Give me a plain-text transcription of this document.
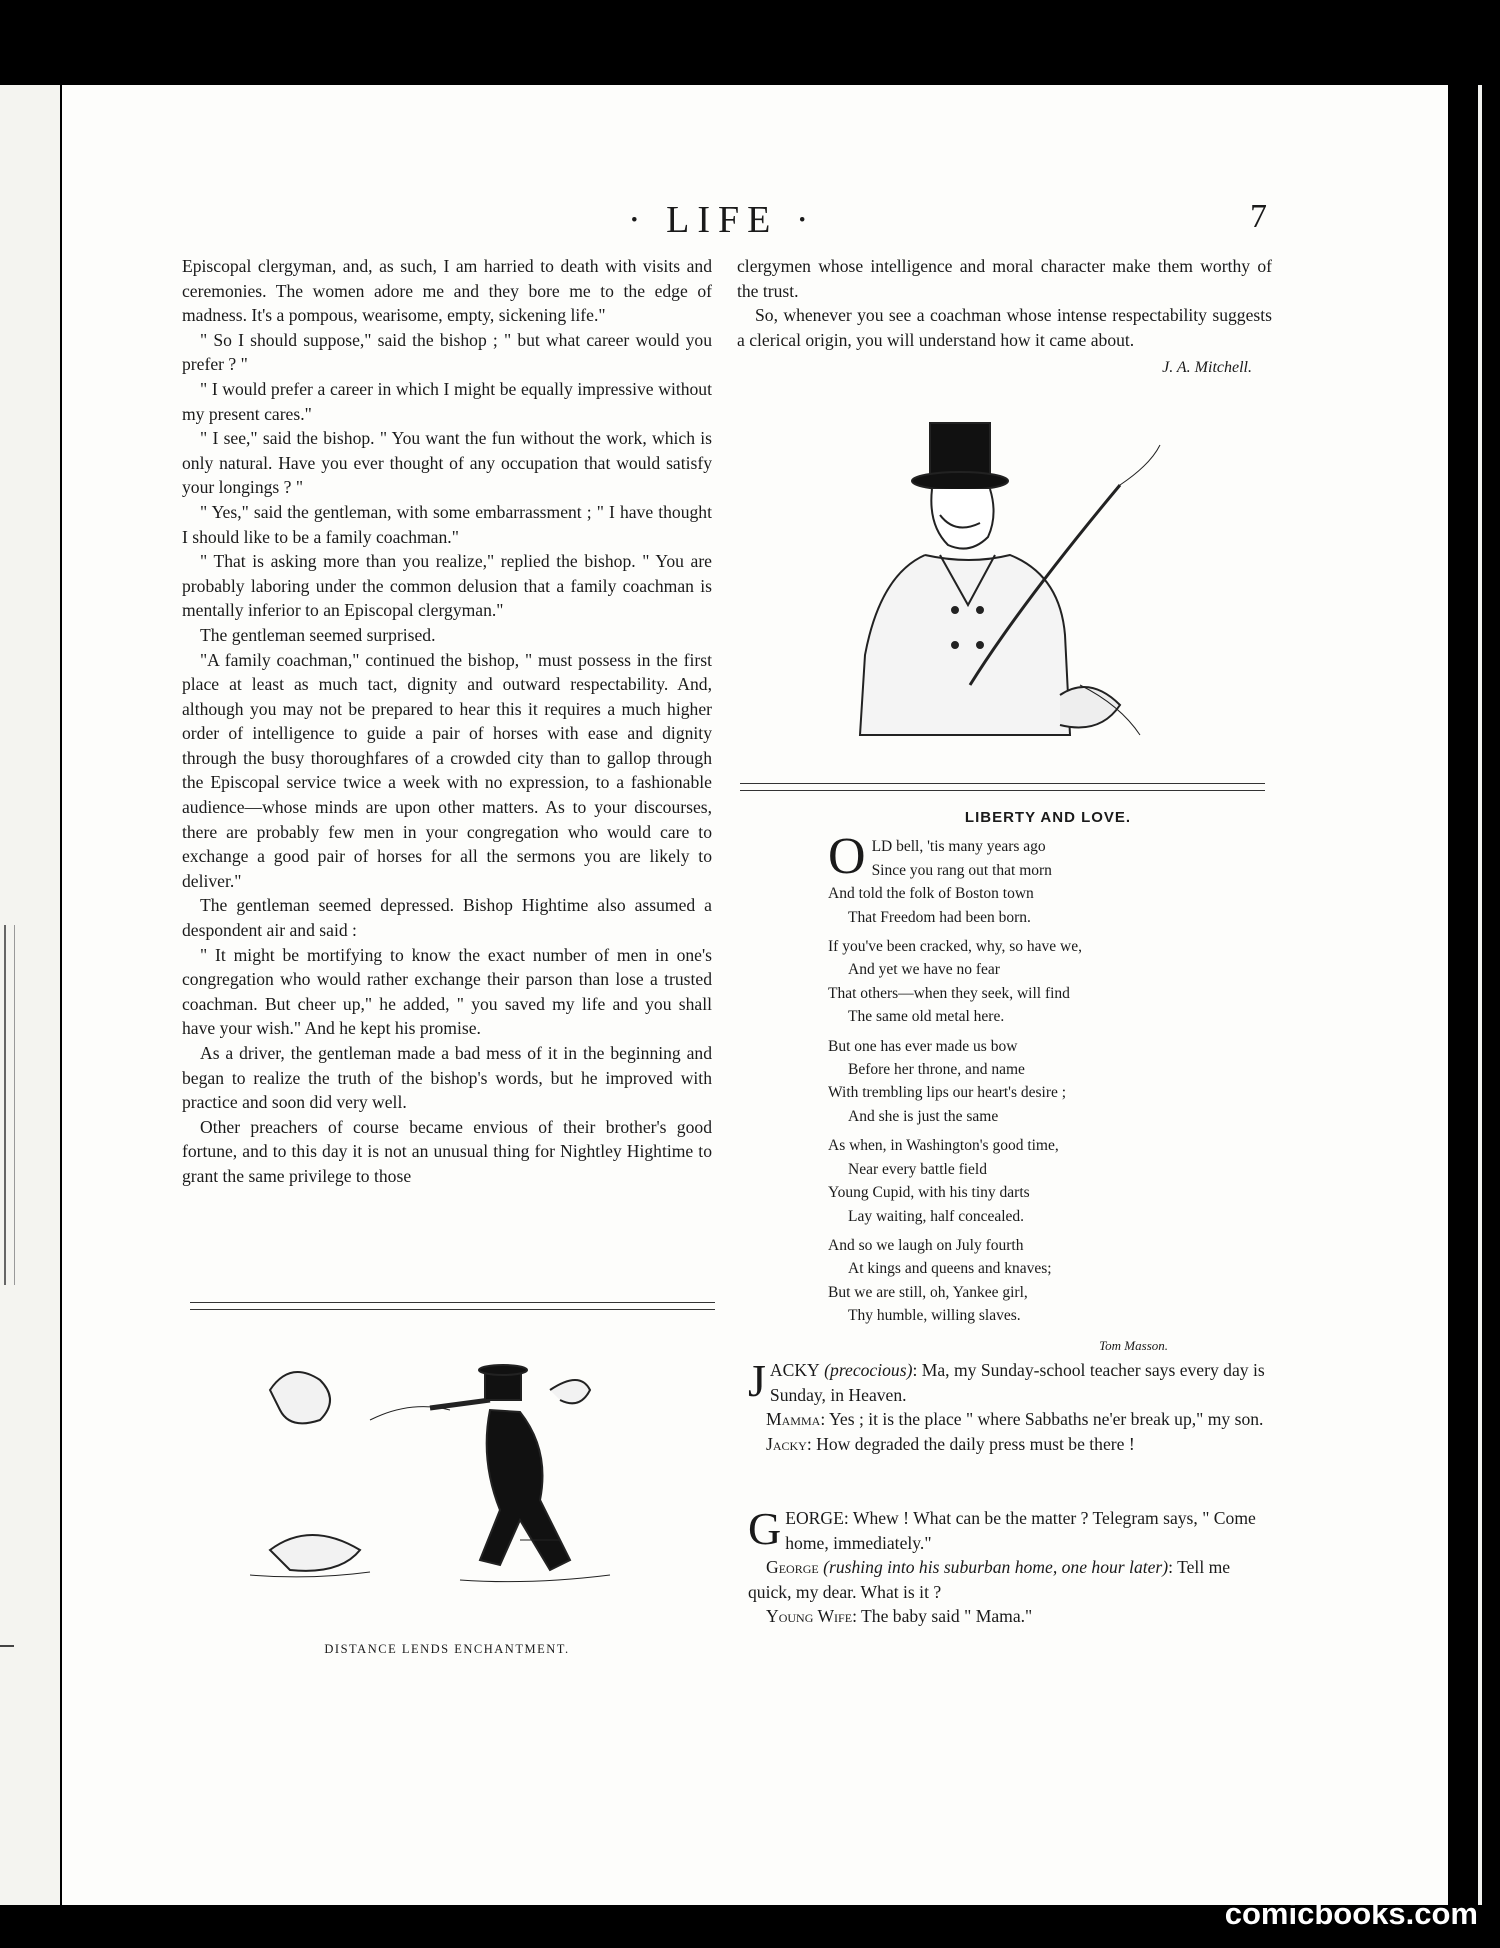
· LIFE ·	7

Episcopal clergyman, and, as such, I am harried to death with visits and ceremonies. The women adore me and they bore me to the edge of madness. It's a pompous, wearisome, empty, sickening life."

" So I should suppose," said the bishop ; " but what career would you prefer ? "

" I would prefer a career in which I might be equally impressive without my present cares."

" I see," said the bishop. " You want the fun without the work, which is only natural. Have you ever thought of any occupation that would satisfy your longings ? "

" Yes," said the gentleman, with some embarrassment ; " I have thought I should like to be a family coachman."

" That is asking more than you realize," replied the bishop. " You are probably laboring under the common delusion that a family coachman is mentally inferior to an Episcopal clergyman."

The gentleman seemed surprised.

"A family coachman," continued the bishop, " must possess in the first place at least as much tact, dignity and outward respectability. And, although you may not be prepared to hear this it requires a much higher order of intelligence to guide a pair of horses with ease and dignity through the busy thoroughfares of a crowded city than to gallop through the Episcopal service twice a week with no expression, to a fashionable audience—whose minds are upon other matters. As to your discourses, there are probably few men in your congregation who would care to exchange a good pair of horses for all the sermons you are likely to deliver."

The gentleman seemed depressed. Bishop Hightime also assumed a despondent air and said :

" It might be mortifying to know the exact number of men in one's congregation who would rather exchange their parson than lose a trusted coachman. But cheer up," he added, " you saved my life and you shall have your wish." And he kept his promise.

As a driver, the gentleman made a bad mess of it in the beginning and began to realize the truth of the bishop's words, but he improved with practice and soon did very well.

Other preachers of course became envious of their brother's good fortune, and to this day it is not an unusual thing for Nightley Hightime to grant the same privilege to those

clergymen whose intelligence and moral character make them worthy of the trust.

So, whenever you see a coachman whose intense respectability suggests a clerical origin, you will understand how it came about.

J. A. Mitchell.
LIBERTY AND LOVE.
O LD bell, 'tis many years ago
Since you rang out that morn
And told the folk of Boston town
That Freedom had been born.
If you've been cracked, why, so have we,
And yet we have no fear
That others—when they seek, will find
The same old metal here.
But one has ever made us bow
Before her throne, and name
With trembling lips our heart's desire ;
And she is just the same
As when, in Washington's good time,
Near every battle field
Young Cupid, with his tiny darts
Lay waiting, half concealed.
And so we laugh on July fourth
At kings and queens and knaves;
But we are still, oh, Yankee girl,
Thy humble, willing slaves.
Tom Masson.
DISTANCE LENDS ENCHANTMENT.

JACKY (precocious): Ma, my Sunday-school teacher says every day is Sunday, in Heaven.

Mamma: Yes ; it is the place " where Sabbaths ne'er break up," my son.

Jacky: How degraded the daily press must be there !

GEORGE: Whew ! What can be the matter ? Telegram says, " Come home, immediately."

George (rushing into his suburban home, one hour later): Tell me quick, my dear. What is it ?

Young Wife: The baby said " Mama."

comicbooks.com
